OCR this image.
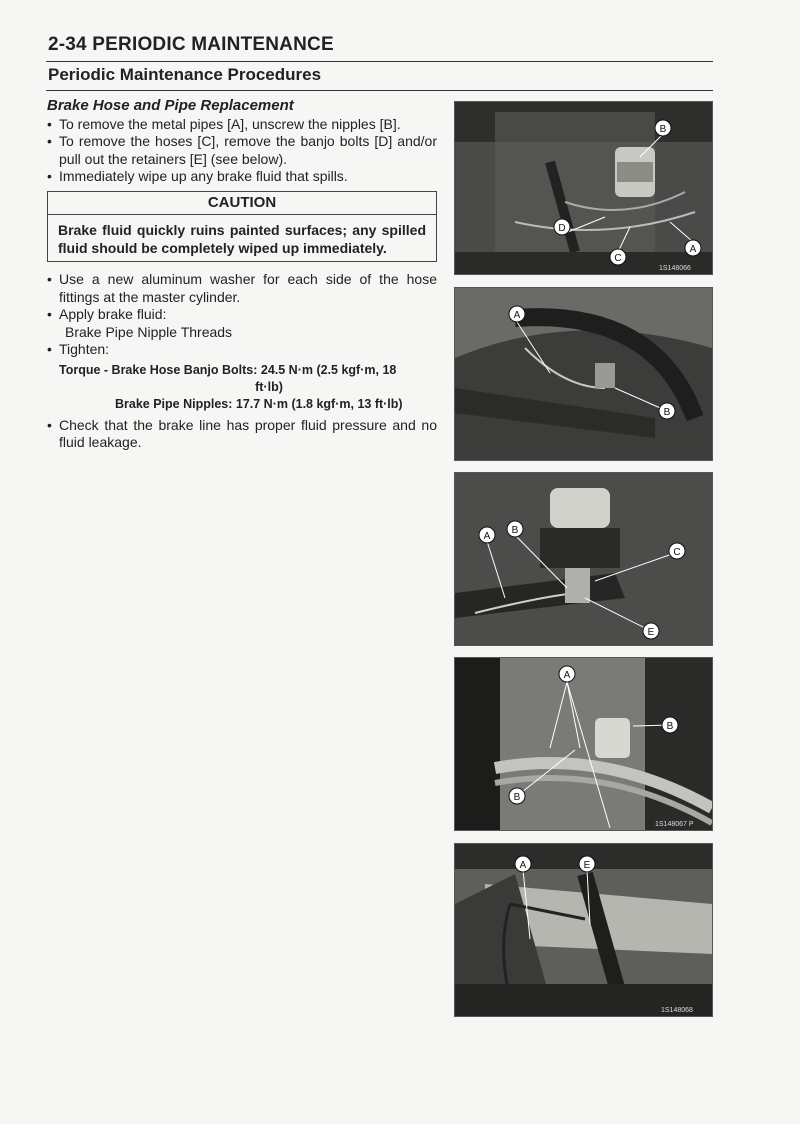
2-34 PERIODIC MAINTENANCE
Periodic Maintenance Procedures
Brake Hose and Pipe Replacement
• To remove the metal pipes [A], unscrew the nipples [B].
• To remove the hoses [C], remove the banjo bolts [D] and/or pull out the retainers [E] (see below).
• Immediately wipe up any brake fluid that spills.
CAUTION
Brake fluid quickly ruins painted surfaces; any spilled fluid should be completely wiped up immediately.
• Use a new aluminum washer for each side of the hose fittings at the master cylinder.
• Apply brake fluid:
Brake Pipe Nipple Threads
• Tighten:
Torque - Brake Hose Banjo Bolts: 24.5 N·m (2.5 kgf·m, 18
ft·lb)
Brake Pipe Nipples: 17.7 N·m (1.8 kgf·m, 13 ft·lb)
• Check that the brake line has proper fluid pressure and no fluid leakage.
B
D
C
A
1S148066
A
B
A
B
C
E
A
B
B
1S148067 P
A	E
1S148068
